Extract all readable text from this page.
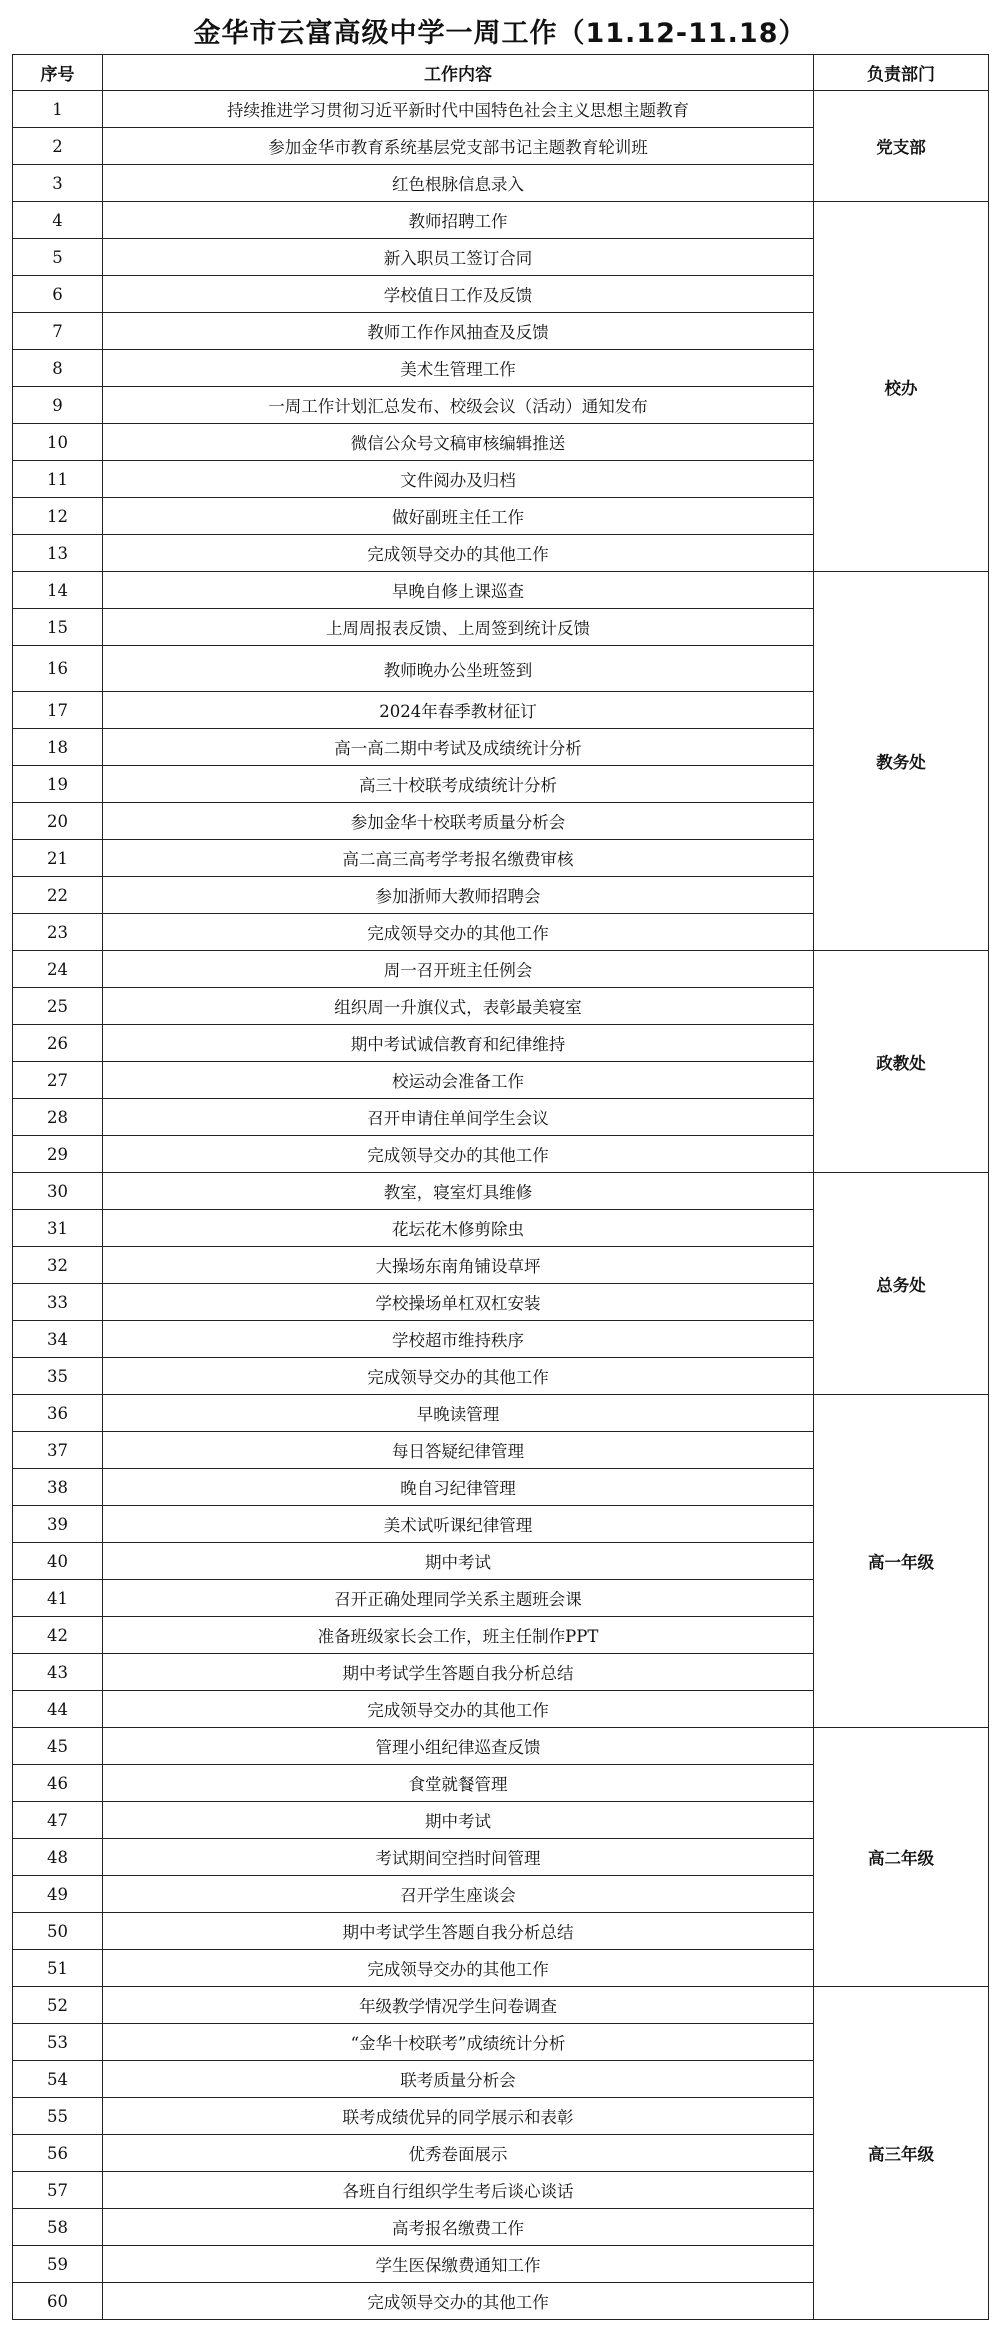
金华市云富高级中学一周工作（11.12-11.18）
序号	工作内容	负责部门
1	持续推进学习贯彻习近平新时代中国特色社会主义思想主题教育	党支部
2	参加金华市教育系统基层党支部书记主题教育轮训班	
3	红色根脉信息录入	
4	教师招聘工作	校办
5	新入职员工签订合同	
6	学校值日工作及反馈	
7	教师工作作风抽查及反馈	
8	美术生管理工作	
9	一周工作计划汇总发布、校级会议（活动）通知发布	
10	微信公众号文稿审核编辑推送	
11	文件阅办及归档	
12	做好副班主任工作	
13	完成领导交办的其他工作	
14	早晚自修上课巡查	教务处
15	上周周报表反馈、上周签到统计反馈	
16	教师晚办公坐班签到	
17	2024年春季教材征订	
18	高一高二期中考试及成绩统计分析	
19	高三十校联考成绩统计分析	
20	参加金华十校联考质量分析会	
21	高二高三高考学考报名缴费审核	
22	参加浙师大教师招聘会	
23	完成领导交办的其他工作	
24	周一召开班主任例会	政教处
25	组织周一升旗仪式，表彰最美寝室	
26	期中考试诚信教育和纪律维持	
27	校运动会准备工作	
28	召开申请住单间学生会议	
29	完成领导交办的其他工作	
30	教室，寝室灯具维修	总务处
31	花坛花木修剪除虫	
32	大操场东南角铺设草坪	
33	学校操场单杠双杠安装	
34	学校超市维持秩序	
35	完成领导交办的其他工作	
36	早晚读管理	高一年级
37	每日答疑纪律管理	
38	晚自习纪律管理	
39	美术试听课纪律管理	
40	期中考试	
41	召开正确处理同学关系主题班会课	
42	准备班级家长会工作，班主任制作PPT	
43	期中考试学生答题自我分析总结	
44	完成领导交办的其他工作	
45	管理小组纪律巡查反馈	高二年级
46	食堂就餐管理	
47	期中考试	
48	考试期间空挡时间管理	
49	召开学生座谈会	
50	期中考试学生答题自我分析总结	
51	完成领导交办的其他工作	
52	年级教学情况学生问卷调查	高三年级
53	“金华十校联考”成绩统计分析	
54	联考质量分析会	
55	联考成绩优异的同学展示和表彰	
56	优秀卷面展示	
57	各班自行组织学生考后谈心谈话	
58	高考报名缴费工作	
59	学生医保缴费通知工作	
60	完成领导交办的其他工作	
